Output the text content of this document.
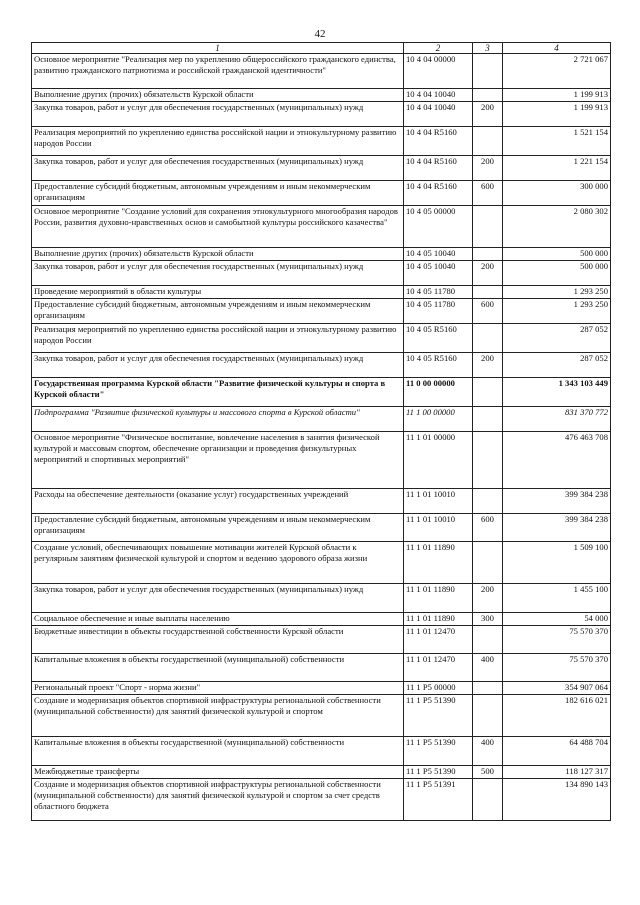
42
1	2	3	4
Основное мероприятие "Реализация мер по укреплению общероссийского гражданского единства, развитию гражданского патриотизма и российской гражданской идентичности"	10 4 04 00000		2 721 067
Выполнение других (прочих) обязательств Курской области	10 4 04 10040		1 199 913
Закупка товаров, работ и услуг для обеспечения государственных (муниципальных) нужд	10 4 04 10040	200	1 199 913
Реализация мероприятий по укреплению единства российской нации и этнокультурному развитию народов России	10 4 04 R5160		1 521 154
Закупка товаров, работ и услуг для обеспечения государственных (муниципальных) нужд	10 4 04 R5160	200	1 221 154
Предоставление субсидий бюджетным, автономным учреждениям и иным некоммерческим организациям	10 4 04 R5160	600	300 000
Основное мероприятие "Создание условий для сохранения этнокультурного многообразия народов России, развития духовно-нравственных основ и самобытной культуры российского казачества"	10 4 05 00000		2 080 302
Выполнение других (прочих) обязательств Курской области	10 4 05 10040		500 000
Закупка товаров, работ и услуг для обеспечения государственных (муниципальных) нужд	10 4 05 10040	200	500 000
Проведение мероприятий в области культуры	10 4 05 11780		1 293 250
Предоставление субсидий бюджетным, автономным учреждениям и иным некоммерческим организациям	10 4 05 11780	600	1 293 250
Реализация мероприятий по укреплению единства российской нации и этнокультурному развитию народов России	10 4 05 R5160		287 052
Закупка товаров, работ и услуг для обеспечения государственных (муниципальных) нужд	10 4 05 R5160	200	287 052
Государственная программа Курской области "Развитие физической культуры и спорта в Курской области"	11 0 00 00000		1 343 103 449
Подпрограмма "Развитие физической культуры и массового спорта в Курской области"	11 1 00 00000		831 370 772
Основное мероприятие "Физическое воспитание, вовлечение населения в занятия физической культурой и массовым спортом, обеспечение организации и проведения физкультурных мероприятий и спортивных мероприятий"	11 1 01 00000		476 463 708
Расходы на обеспечение деятельности (оказание услуг) государственных учреждений	11 1 01 10010		399 384 238
Предоставление субсидий бюджетным, автономным учреждениям и иным некоммерческим организациям	11 1 01 10010	600	399 384 238
Создание условий, обеспечивающих повышение мотивации жителей Курской области к регулярным занятиям физической культурой и спортом и ведению здорового образа жизни	11 1 01 11890		1 509 100
Закупка товаров, работ и услуг для обеспечения государственных (муниципальных) нужд	11 1 01 11890	200	1 455 100
Социальное обеспечение и иные выплаты населению	11 1 01 11890	300	54 000
Бюджетные инвестиции в объекты государственной собственности Курской области	11 1 01 12470		75 570 370
Капитальные вложения в объекты государственной (муниципальной) собственности	11 1 01 12470	400	75 570 370
Региональный проект "Спорт - норма жизни"	11 1 P5 00000		354 907 064
Создание и модернизация объектов спортивной инфраструктуры региональной собственности (муниципальной собственности) для занятий физической культурой и спортом	11 1 P5 51390		182 616 021
Капитальные вложения в объекты государственной (муниципальной) собственности	11 1 P5 51390	400	64 488 704
Межбюджетные трансферты	11 1 P5 51390	500	118 127 317
Создание и модернизация объектов спортивной инфраструктуры региональной собственности (муниципальной собственности) для занятий физической культурой и спортом за счет средств областного бюджета	11 1 P5 51391		134 890 143
